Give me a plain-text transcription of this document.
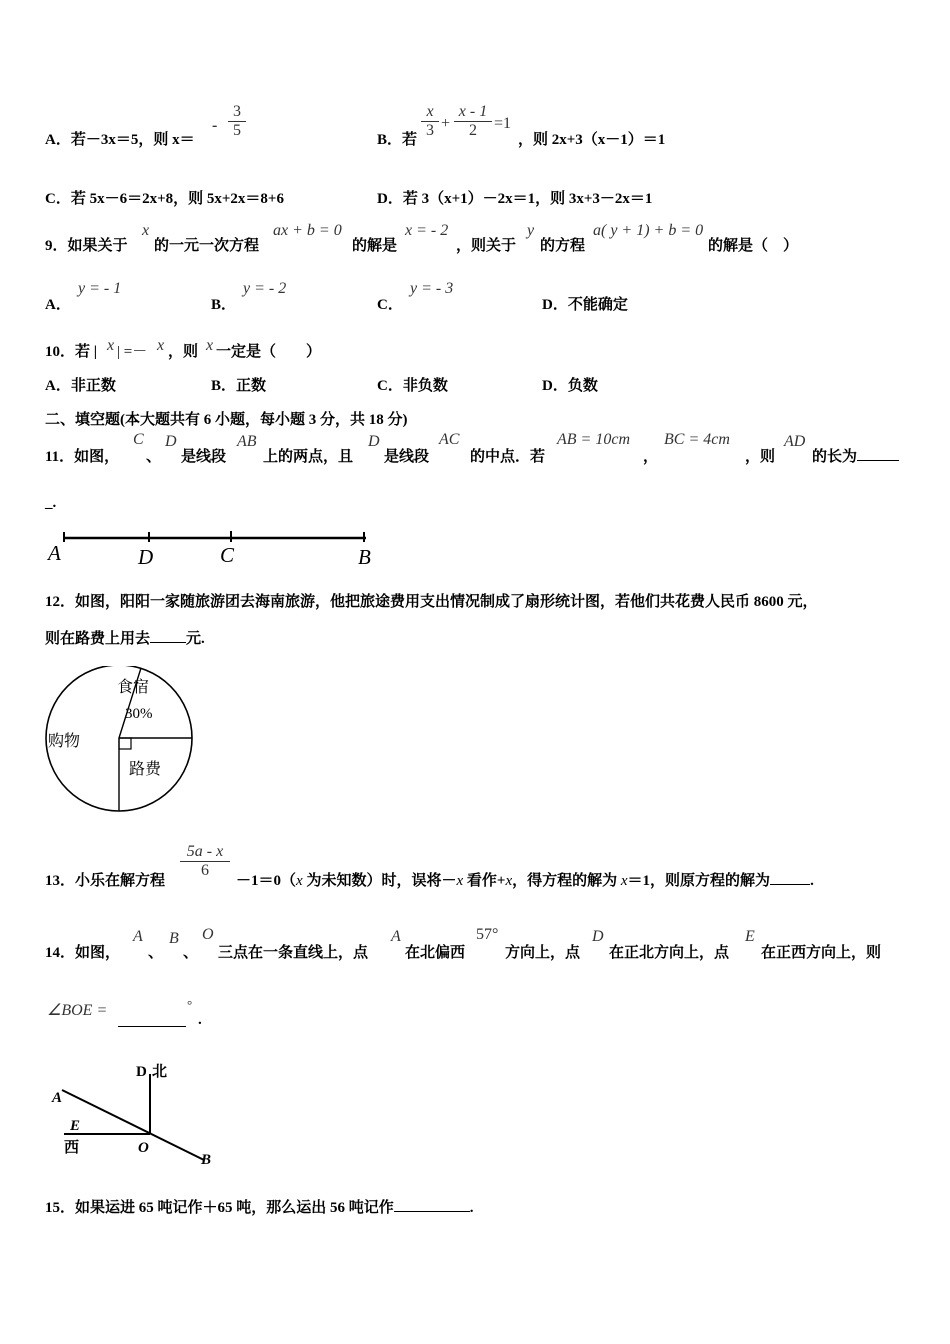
A．若－3x＝5，则 x＝
- $\frac{3}{5}$	B．若 $\frac{x}{3} + \frac{x - 1}{2} =1$
，则 2x+3（x－1）＝1
C．若 5x－6＝2x+8，则 5x+2x＝8+6	D．若 3（x+1）－2x＝1，则 3x+3－2x＝1
9．如果关于
x
的一元一次方程
ax + b = 0
的解是
x = - 2
，则关于
y
的方程
a( y + 1) + b = 0
的解是（　）
A．
y = - 1
B．
y = - 2
C．
y = - 3
D．不能确定
10．若 | x | =－ x ，则 x 一定是（　　）
A．非正数	B．正数	C．非负数	D．负数
二、填空题(本大题共有 6 小题，每小题 3 分，共 18 分)
11．如图，
C
、
D
是线段
AB
上的两点，且
D
是线段
AC
的中点．若
AB = 10cm
，
BC = 4cm
，则
AD
的长为
_.
A	D	C	B
12．如图，阳阳一家随旅游团去海南旅游，他把旅途费用支出情况制成了扇形统计图，若他们共花费人民币 8600 元，
则在路费上用去 元.
食宿
30%
购物
路费
13．小乐在解方程
$\frac{5a - x}{6}$
－1＝0（x 为未知数）时，误将－x 看作+x，得方程的解为 x＝1，则原方程的解为	.
14．如图，
A
、
B
、
O
三点在一条直线上，点
A
在北偏西
57°
方向上，点
D
在正北方向上，点
E
在正西方向上，则
∠BOE =	°
.
D 北
A
E
西	O
B
15．如果运进 65 吨记作＋65 吨，那么运出 56 吨记作	.
